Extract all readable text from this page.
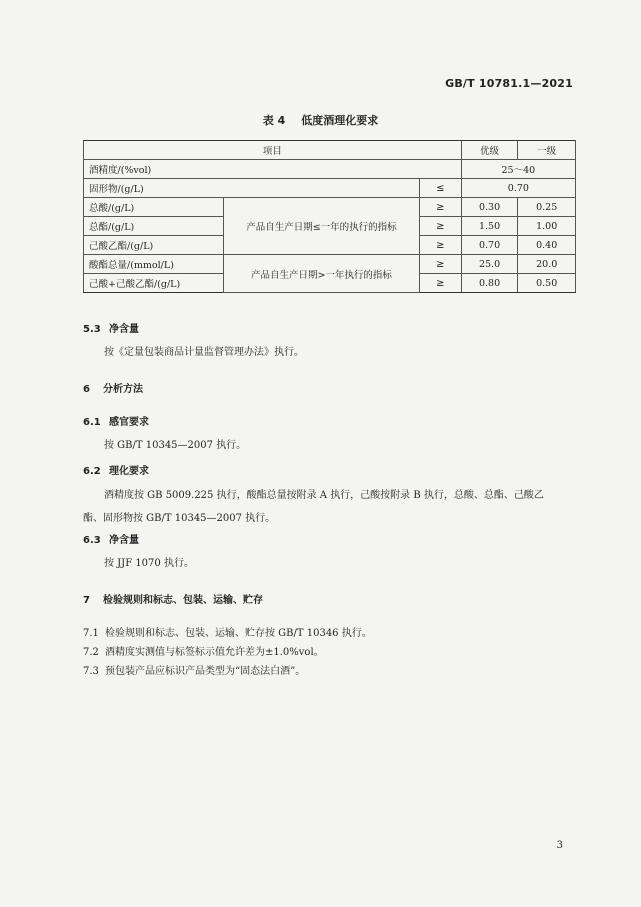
GB/T 10781.1—2021
表 4 低度酒理化要求
项目			优级	一级
酒精度/(%vol)			25～40	
固形物/(g/L)		≤	0.70	
总酸/(g/L)	产品自生产日期≤一年的执行的指标	≥	0.30	0.25
总酯/(g/L)		≥	1.50	1.00
己酸乙酯/(g/L)		≥	0.70	0.40
酸酯总量/(mmol/L)	产品自生产日期>一年执行的指标	≥	25.0	20.0
己酸+己酸乙酯/(g/L)		≥	0.80	0.50
5.3 净含量
按《定量包装商品计量监督管理办法》执行。
6 分析方法
6.1 感官要求
按 GB/T 10345—2007 执行。
6.2 理化要求
酒精度按 GB 5009.225 执行，酸酯总量按附录 A 执行，己酸按附录 B 执行，总酸、总酯、己酸乙酯、固形物按 GB/T 10345—2007 执行。
6.3 净含量
按 JJF 1070 执行。
7 检验规则和标志、包装、运输、贮存
7.1 检验规则和标志、包装、运输、贮存按 GB/T 10346 执行。
7.2 酒精度实测值与标签标示值允许差为±1.0%vol。
7.3 预包装产品应标识产品类型为“固态法白酒”。
3
